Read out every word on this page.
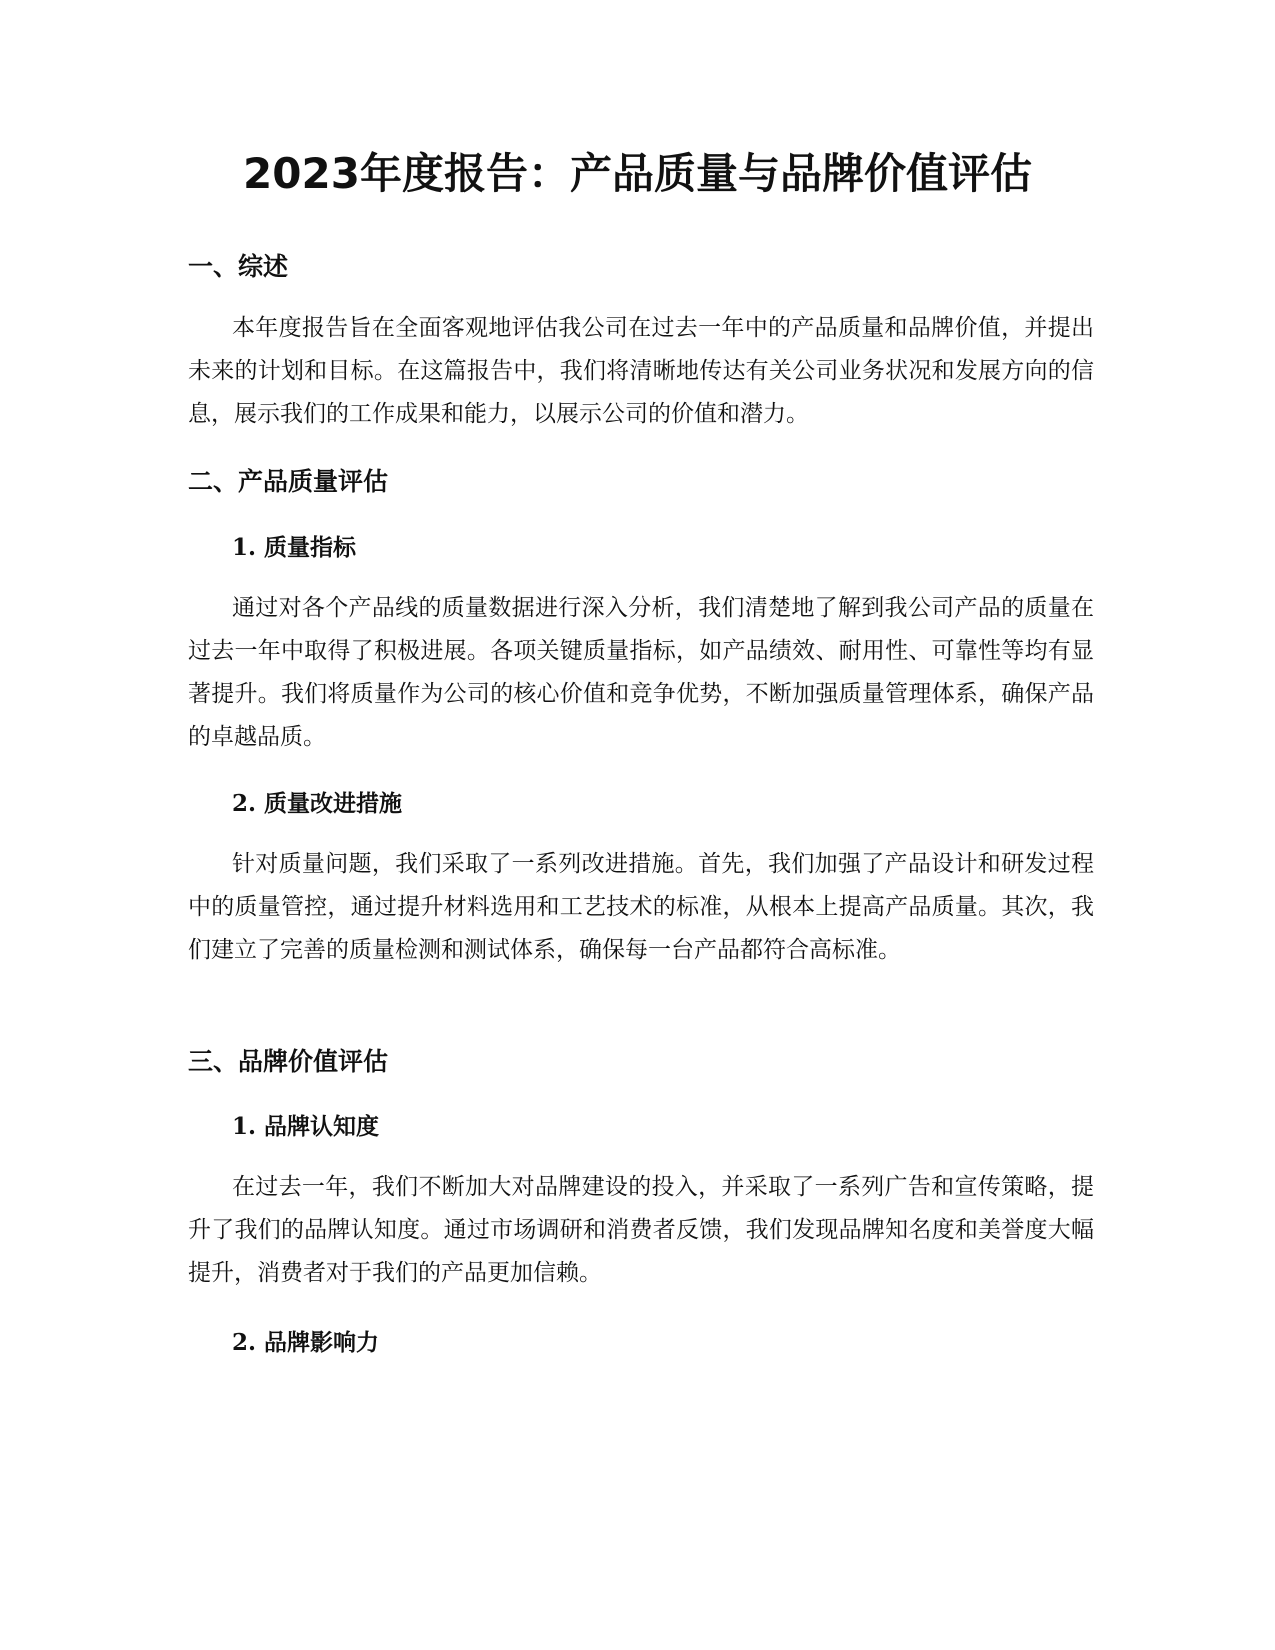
2023年度报告：产品质量与品牌价值评估
一、综述

本年度报告旨在全面客观地评估我公司在过去一年中的产品质量和品牌价值，并提出未来的计划和目标。在这篇报告中，我们将清晰地传达有关公司业务状况和发展方向的信息，展示我们的工作成果和能力，以展示公司的价值和潜力。

二、产品质量评估
1. 质量指标

通过对各个产品线的质量数据进行深入分析，我们清楚地了解到我公司产品的质量在过去一年中取得了积极进展。各项关键质量指标，如产品绩效、耐用性、可靠性等均有显著提升。我们将质量作为公司的核心价值和竞争优势，不断加强质量管理体系，确保产品的卓越品质。

2. 质量改进措施

针对质量问题，我们采取了一系列改进措施。首先，我们加强了产品设计和研发过程中的质量管控，通过提升材料选用和工艺技术的标准，从根本上提高产品质量。其次，我们建立了完善的质量检测和测试体系，确保每一台产品都符合高标准。

三、品牌价值评估
1. 品牌认知度

在过去一年，我们不断加大对品牌建设的投入，并采取了一系列广告和宣传策略，提升了我们的品牌认知度。通过市场调研和消费者反馈，我们发现品牌知名度和美誉度大幅提升，消费者对于我们的产品更加信赖。

2. 品牌影响力
